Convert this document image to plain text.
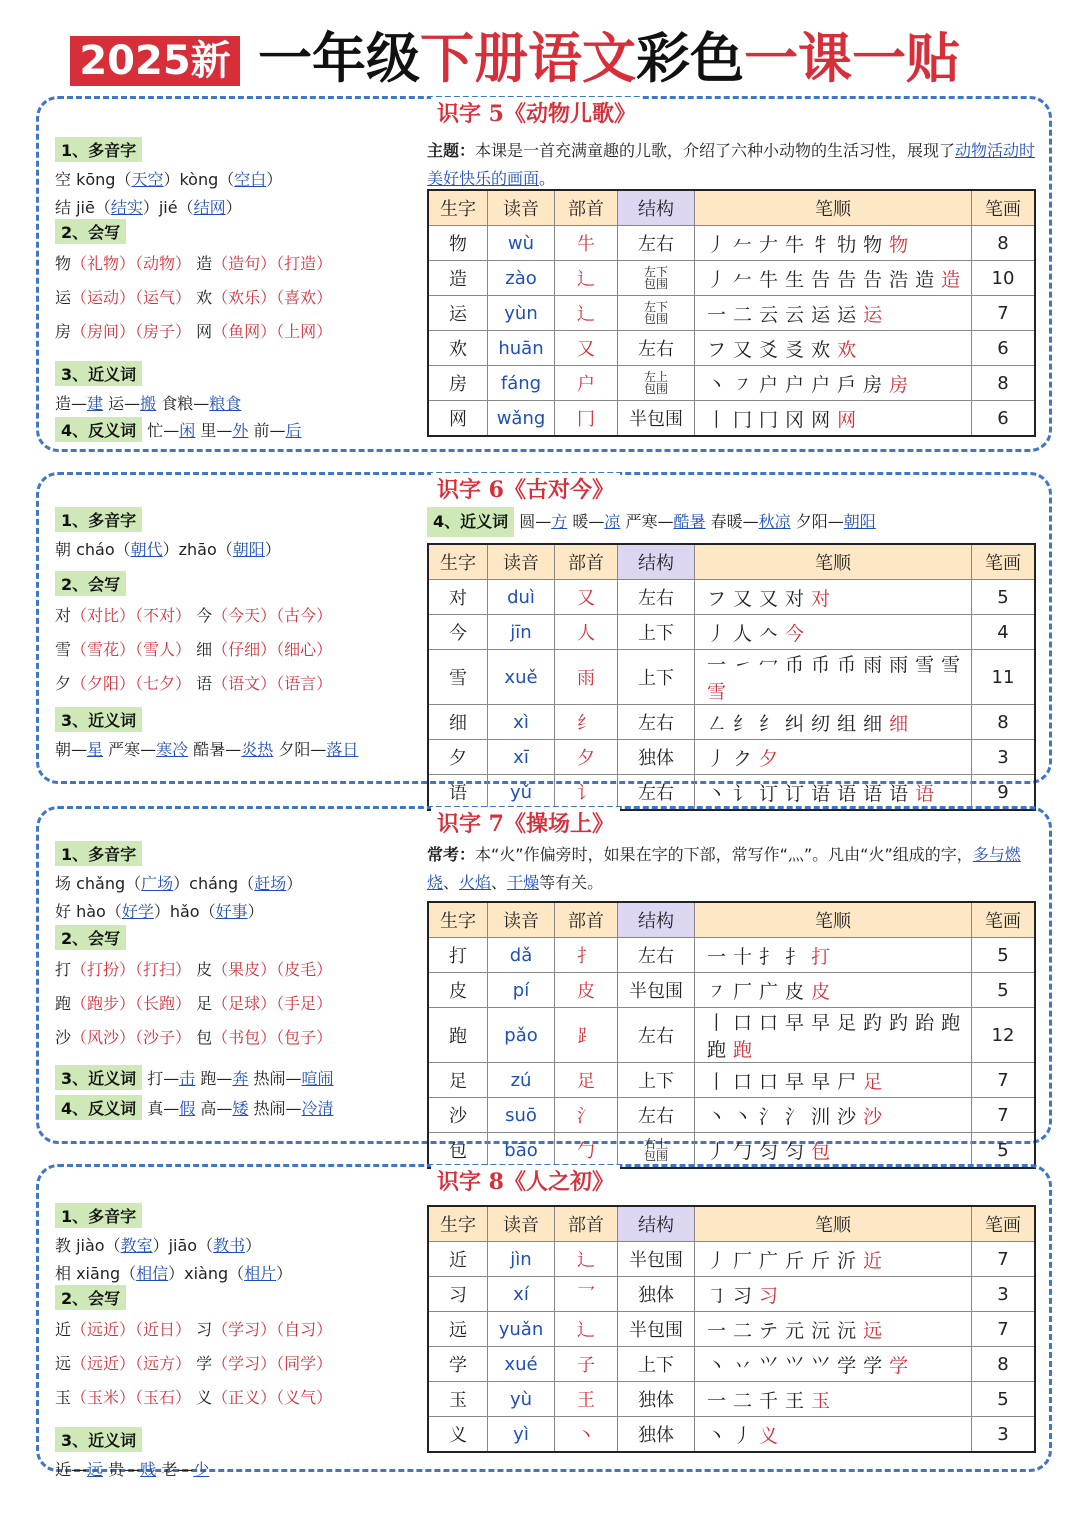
2025新 一年级下册语文彩色一课一贴
识字 5《动物儿歌》
1、多音字
空 kōng（天空）kòng（空白）
结 jiē（结实）jié（结网）
2、会写
物（礼物）（动物） 造（造句）（打造）
运（运动）（运气） 欢（欢乐）（喜欢）
房（房间）（房子） 网（鱼网）（上网）
3、近义词
造—建 运—搬 食粮—粮食
4、反义词 忙—闲 里—外 前—后
主题：本课是一首充满童趣的儿歌，介绍了六种小动物的生活习性，展现了动物活动时美好快乐的画面。
生字	读音	部首	结构	笔顺	笔画
物	wù	牛	左右	丿𠂉𠂇牛牜牞物物	8
造	zào	辶	左下
包围	丿𠂉牛生告告告浩造造	10
运	yùn	辶	左下
包围	一二云云运运运	7
欢	huān	又	左右	フ又爻㕛欢欢	6
房	fáng	户	左上
包围	丶㇇户户户戶房房	8
网	wǎng	冂	半包围	丨冂冂冈网网	6
识字 6《古对今》
1、多音字
朝 cháo（朝代）zhāo（朝阳）
2、会写
对（对比）（不对） 今（今天）（古今）
雪（雪花）（雪人） 细（仔细）（细心）
夕（夕阳）（七夕） 语（语文）（语言）
3、近义词
朝—星 严寒—寒冷 酷暑—炎热 夕阳—落日
4、近义词 圆—方 暖—凉 严寒—酷暑 春暖—秋凉 夕阳—朝阳
生字	读音	部首	结构	笔顺	笔画
对	duì	又	左右	フ又又对对	5
今	jīn	人	上下	丿人𠆢今	4
雪	xuě	雨	上下	一㇀冖币币币雨雨雪雪雪	11
细	xì	纟	左右	㇜纟纟纠纫组细细	8
夕	xī	夕	独体	丿ク夕	3
语	yǔ	讠	左右	丶讠订订语语语语语	9
识字 7《操场上》
1、多音字
场 chǎng（广场）cháng（赶场）
好 hào（好学）hǎo（好事）
2、会写
打（打扮）（打扫） 皮（果皮）（皮毛）
跑（跑步）（长跑） 足（足球）（手足）
沙（风沙）（沙子） 包（书包）（包子）
3、近义词 打—击 跑—奔 热闹—喧闹
4、反义词 真—假 高—矮 热闹—冷清
常考：本“火”作偏旁时，如果在字的下部，常写作“灬”。凡由“火”组成的字，多与燃烧、火焰、干燥等有关。
生字	读音	部首	结构	笔顺	笔画
打	dǎ	扌	左右	一十扌扌打	5
皮	pí	皮	半包围	㇇厂广皮皮	5
跑	pǎo	⻊	左右	丨口口早早足趵趵跆跑跑跑	12
足	zú	足	上下	丨口口早早尸足	7
沙	suō	氵	左右	丶丶氵氵汌沙沙	7
包	bāo	勹	右上
包围	丿勹匀匀包	5
识字 8《人之初》
1、多音字
教 jiào（教室）jiāo（教书）
相 xiāng（相信）xiàng（相片）
2、会写
近（远近）（近日） 习（学习）（自习）
远（远近）（远方） 学（学习）（同学）
玉（玉米）（玉石） 义（正义）（义气）
3、近义词
近—远 贵—贱 老—少
生字	读音	部首	结构	笔顺	笔画
近	jìn	辶	半包围	丿厂广斤斤沂近	7
习	xí	乛	独体	㇆习习	3
远	yuǎn	辶	半包围	一二テ元沅沅远	7
学	xué	子	上下	丶丷⺍⺍𭕄学学学	8
玉	yù	王	独体	一二千王玉	5
义	yì	丶	独体	丶丿义	3
